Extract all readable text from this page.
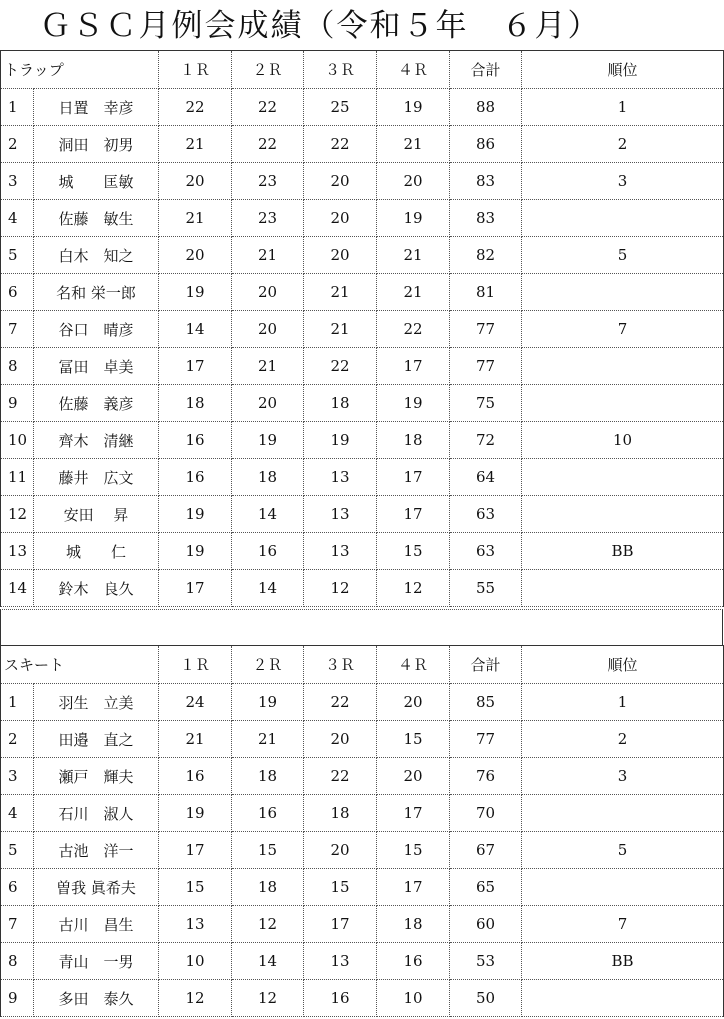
ＧＳＣ月例会成績（令和５年　６月）
トラップ		１Ｒ	２Ｒ	３Ｒ	４Ｒ	合計	順位
1	日置　幸彦	22	22	25	19	88	1
2	洞田　初男	21	22	22	21	86	2
3	城　　匡敏	20	23	20	20	83	3
4	佐藤　敏生	21	23	20	19	83	
5	白木　知之	20	21	20	21	82	5
6	名和 栄一郎	19	20	21	21	81	
7	谷口　晴彦	14	20	21	22	77	7
8	冨田　卓美	17	21	22	17	77	
9	佐藤　義彦	18	20	18	19	75	
10	齊木　清継	16	19	19	18	72	10
11	藤井　広文	16	18	13	17	64	
12	安田　 昇	19	14	13	17	63	
13	城　　仁	19	16	13	15	63	BB
14	鈴木　良久	17	14	12	12	55	
スキート		１Ｒ	２Ｒ	３Ｒ	４Ｒ	合計	順位
1	羽生　立美	24	19	22	20	85	1
2	田邉　直之	21	21	20	15	77	2
3	瀬戸　輝夫	16	18	22	20	76	3
4	石川　淑人	19	16	18	17	70	
5	古池　洋一	17	15	20	15	67	5
6	曽我 眞希夫	15	18	15	17	65	
7	古川　昌生	13	12	17	18	60	7
8	青山　一男	10	14	13	16	53	BB
9	多田　泰久	12	12	16	10	50	
